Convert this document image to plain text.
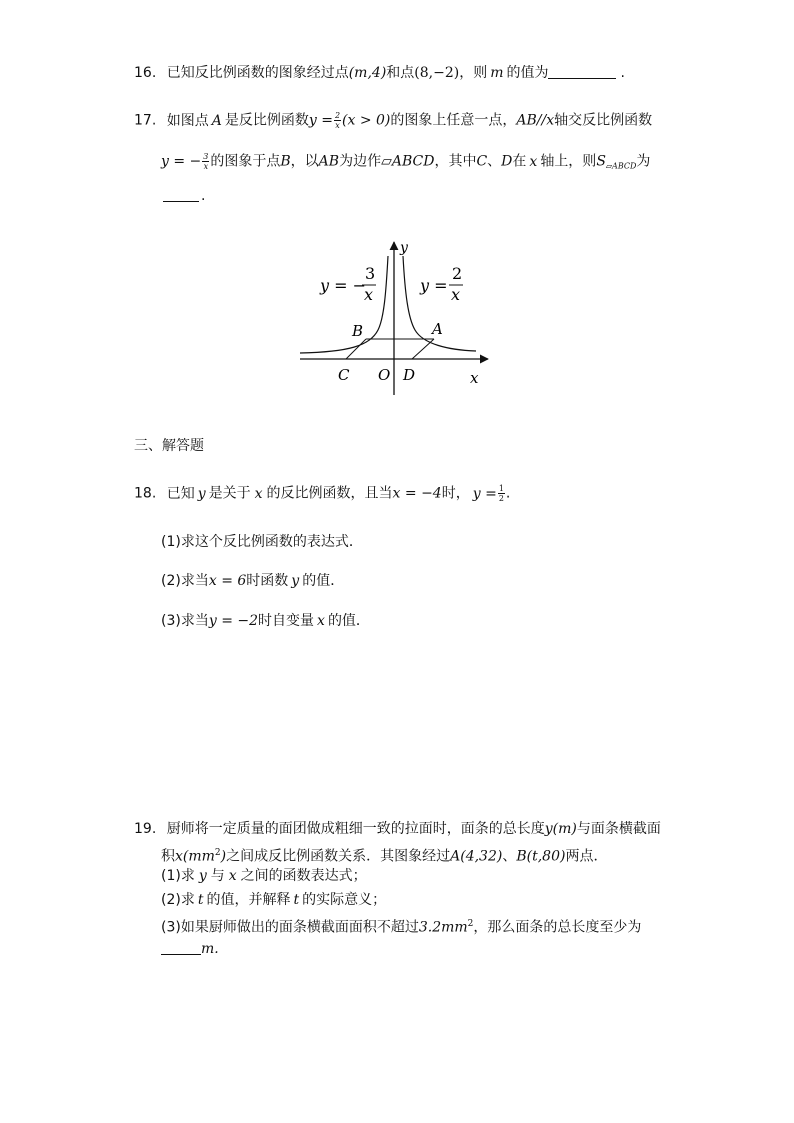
16. 已知反比例函数的图象经过点(m,4)和点(8,−2)，则 m 的值为	.
17. 如图点 A 是反比例函数$y = \frac{2}{x} (x > 0)$的图象上任意一点，AB//x轴交反比例函数
y = − $\frac{3}{x}$ 的图象于点B，以AB为边作▱ABCD，其中C、D在 x 轴上，则$S_{▱ABCD}$为
.
y
x
y = −
3
x	y =
2
x
B	A
C O D
三、解答题
18. 已知 y 是关于 x 的反比例函数，且当x = −4时， $y = \frac{1}{2}$ .
(1)求这个反比例函数的表达式．
(2)求当x = 6时函数 y 的值．
(3)求当y = −2时自变量 x 的值．
19. 厨师将一定质量的面团做成粗细一致的拉面时，面条的总长度y(m)与面条横截面
积$x(mm^2)$之间成反比例函数关系．其图象经过A(4,32)、B(t,80)两点．
(1)求 y 与 x 之间的函数表达式；
(2)求 t 的值，并解释 t 的实际意义；
(3)如果厨师做出的面条横截面面积不超过$3.2mm^2$，那么面条的总长度至少为
m.
